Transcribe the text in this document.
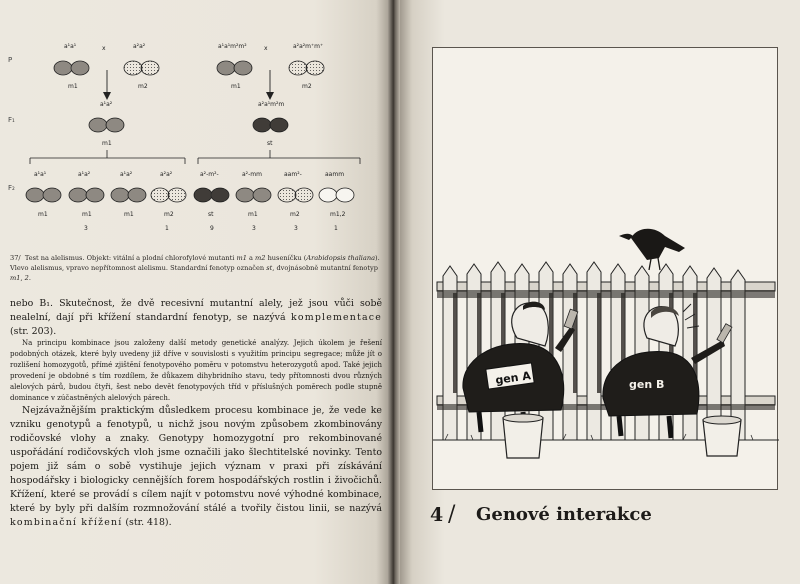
P
F₁
F₂
a¹a¹	x	a²a²
m1	m2
a¹a²
m1
a¹a¹m²m²	x	a²a²m⁺m⁺
m1	m2
a²a¹m²m
st
a¹a¹	a¹a²	a¹a²	a²a²	a²-m²-	a²-mm	aam²-	aamm
m1	m1	m1	m2	st	m1	m2	m1,2
3	1	9	3	3	1
37/ Test na alelismus. Objekt: vitální a plodní chlorofylové mutanti m1 a m2 huseníčku (Arabidopsis thaliana). Vlevo alelismus, vpravo nepřítomnost alelismu. Standardní fenotyp označen st, dvojnásobně mutantní fenotyp m1, 2.

nebo B₁. Skutečnost, že dvě recesivní mutantní alely, jež jsou vůči sobě nealelní, dají při křížení standardní fenotyp, se nazývá komplementace (str. 203).

Na principu kombinace jsou založeny další metody genetické analýzy. Jejich úkolem je řešení podobných otázek, které byly uvedeny již dříve v souvislosti s využitím principu segregace; může jít o rozlišení homozygotů, přímé zjištění fenotypového poměru v potomstvu heterozygotů apod. Také jejich provedení je obdobné s tím rozdílem, že důkazem dihybridního stavu, tedy přítomnosti dvou různých alelových párů, budou čtyři, šest nebo devět fenotypových tříd v příslušných poměrech podle stupně dominance v zúčastněných alelových párech.

Nejzávažnějším praktickým důsledkem procesu kombinace je, že vede ke vzniku genotypů a fenotypů, u nichž jsou novým způsobem zkombinovány rodičovské vlohy a znaky. Genotypy homozygotní pro rekombinované uspořádání rodičovských vloh jsme označili jako šlechtitelské novinky. Tento pojem již sám o sobě vystihuje jejich význam v praxi při získávání hospodářsky i biologicky cennějších forem hospodářských rostlin i živočichů. Křížení, které se provádí s cílem najít v potomstvu nové výhodné kombinace, které by byly při dalším rozmnožování stálé a tvořily čistou linii, se nazývá kombinační křížení (str. 418).

gen A	gen B
4 / Genové interakce
